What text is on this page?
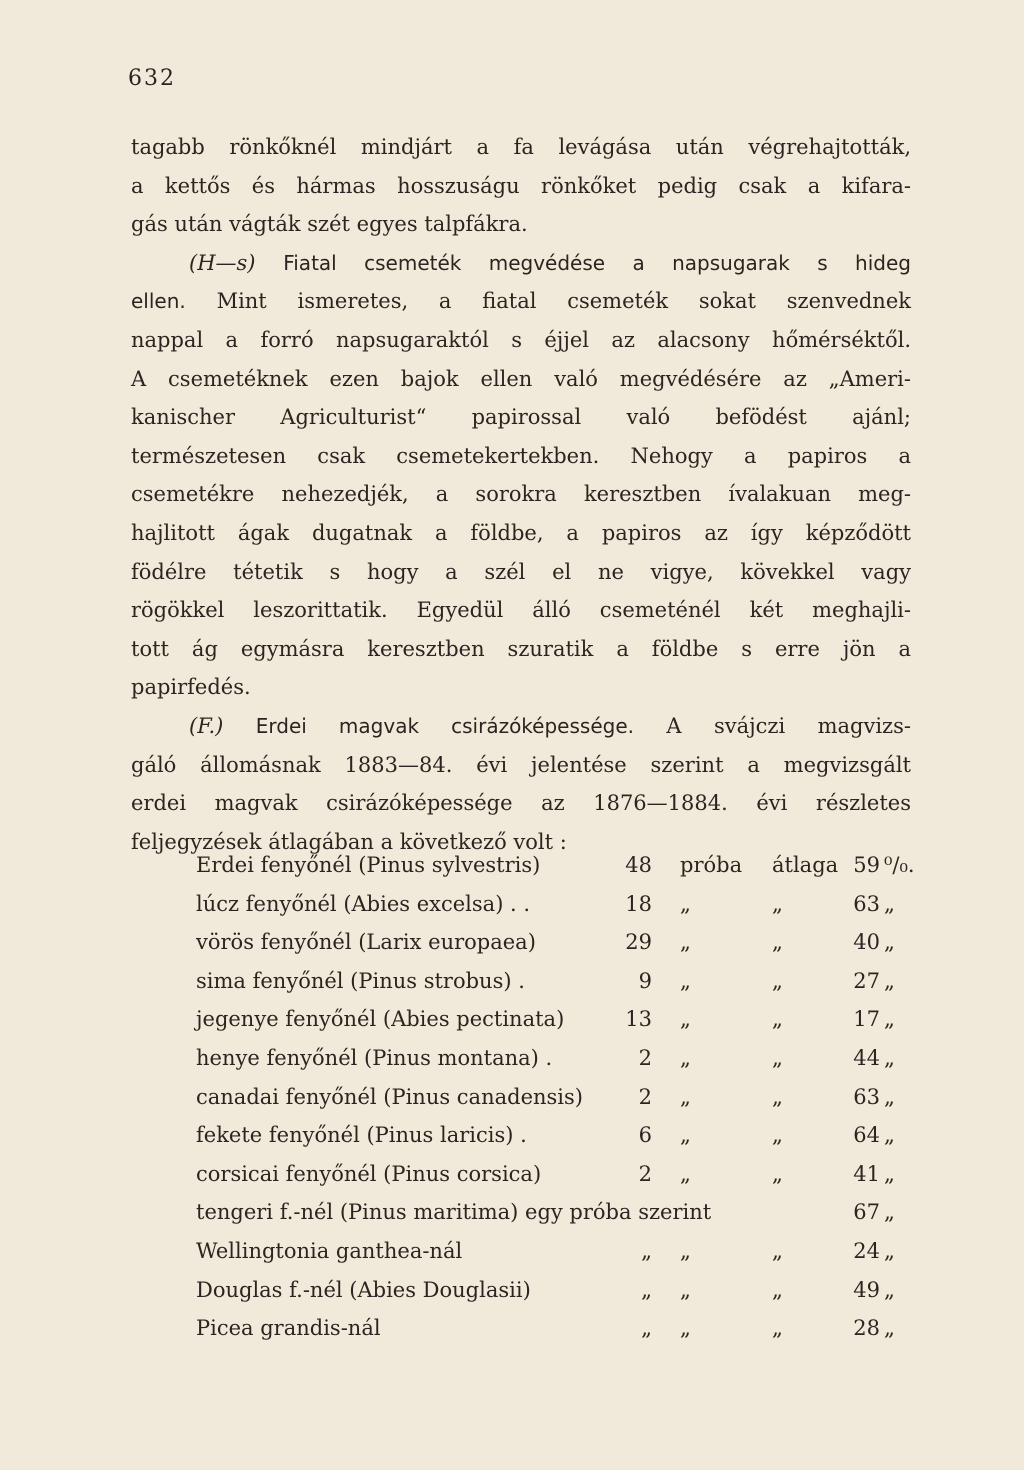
632
tagabb rönkőknél mindjárt a fa levágása után végrehajtották,
a kettős és hármas hosszuságu rönkőket pedig csak a kifara-
gás után vágták szét egyes talpfákra.
(H—s) Fiatal csemeték megvédése a napsugarak s hideg
ellen. Mint ismeretes, a fiatal csemeték sokat szenvednek
nappal a forró napsugaraktól s éjjel az alacsony hőmérséktől.
A csemetéknek ezen bajok ellen való megvédésére az „Ameri-
kanischer Agriculturist“ papirossal való befödést ajánl;
természetesen csak csemetekertekben. Nehogy a papiros a
csemetékre nehezedjék, a sorokra keresztben ívalakuan meg-
hajlitott ágak dugatnak a földbe, a papiros az így képződött
födélre tétetik s hogy a szél el ne vigye, kövekkel vagy
rögökkel leszorittatik. Egyedül álló csemeténél két meghajli-
tott ág egymásra keresztben szuratik a földbe s erre jön a
papirfedés.
(F.) Erdei magvak csirázóképessége. A svájczi magvizs-
gáló állomásnak 1883—84. évi jelentése szerint a megvizsgált
erdei magvak csirázóképessége az 1876—1884. évi részletes
feljegyzések átlagában a következő volt :
Erdei fenyőnél (Pinus sylvestris)	48 próba átlaga 59 ⁰/₀.
lúcz fenyőnél (Abies excelsa) . .	18 „	„	63 „
vörös fenyőnél (Larix europaea)	29 „	„	40 „
sima fenyőnél (Pinus strobus) .	9 „	„	27 „
jegenye fenyőnél (Abies pectinata)	13 „	„	17 „
henye fenyőnél (Pinus montana) .	2 „	„	44 „
canadai fenyőnél (Pinus canadensis)	2 „	„	63 „
fekete fenyőnél (Pinus laricis) .	6 „	„	64 „
corsicai fenyőnél (Pinus corsica)	2 „	„	41 „
tengeri f.-nél (Pinus maritima) egy próba szerint	67 „
Wellingtonia ganthea-nál	„ „	„	24 „
Douglas f.-nél (Abies Douglasii)	„ „	„	49 „
Picea grandis-nál	„ „	„	28 „
